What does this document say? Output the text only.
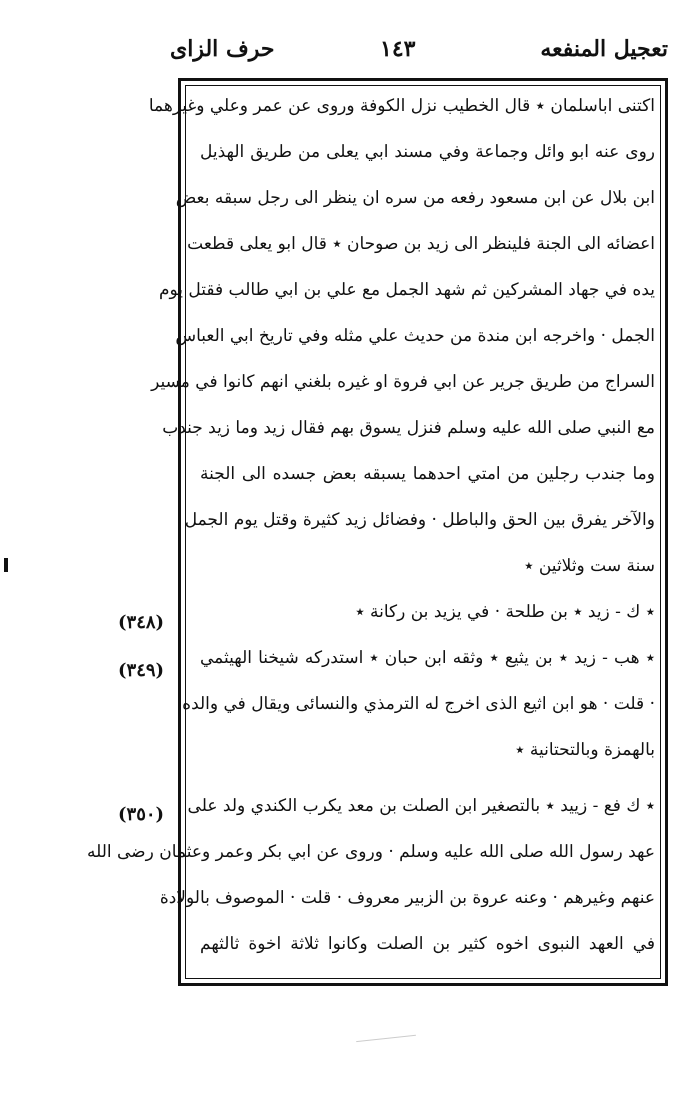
تعجيل المنفعه
١٤٣
حرف الزاى
اكتنى اباسلمان ٭ قال الخطيب نزل الكوفة وروى عن عمر وعلي وغيرهما
روى عنه ابو وائل وجماعة وفي مسند ابي يعلى من طريق الهذيل
ابن بلال عن ابن مسعود رفعه من سره ان ينظر الى رجل سبقه بعض
اعضائه الى الجنة فلينظر الى زيد بن صوحان ٭ قال ابو يعلى قطعت
يده في جهاد المشركين ثم شهد الجمل مع علي بن ابي طالب فقتل يوم
الجمل · واخرجه ابن مندة من حديث علي مثله وفي تاريخ ابي العباس
السراج من طريق جرير عن ابي فروة او غيره بلغني انهم كانوا في مسير
مع النبي صلى الله عليه وسلم فنزل يسوق بهم فقال زيد وما زيد جندب
وما جندب رجلين من امتي احدهما يسبقه بعض جسده الى الجنة
والآخر يفرق بين الحق والباطل · وفضائل زيد كثيرة وقتل يوم الجمل
سنة ست وثلاثين ٭
٭ ك - زيد ٭ بن طلحة · في يزيد بن ركانة ٭
٭ هب - زيد ٭ بن يثيع ٭ وثقه ابن حبان ٭ استدركه شيخنا الهيثمي
· قلت · هو ابن اثيع الذى اخرج له الترمذي والنسائى ويقال في والده
بالهمزة وبالتحتانية ٭
٭ ك فع - زييد ٭ بالتصغير ابن الصلت بن معد يكرب الكندي ولد على
عهد رسول الله صلى الله عليه وسلم · وروى عن ابي بكر وعمر وعثمان رضى الله
عنهم وغيرهم · وعنه عروة بن الزبير معروف · قلت · الموصوف بالولادة
في العهد النبوى اخوه كثير بن الصلت وكانوا ثلاثة اخوة ثالثهم
(٣٤٨)
(٣٤٩)
(٣٥٠)
